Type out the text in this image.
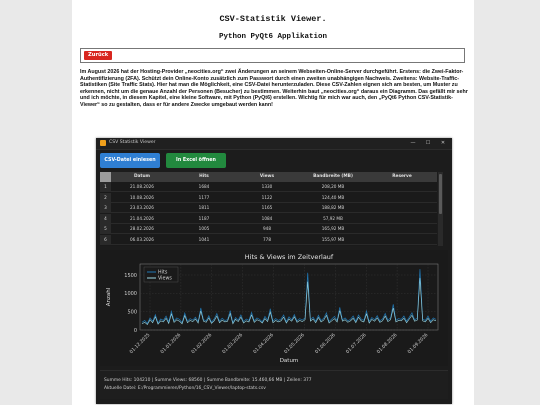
CSV-Statistik Viewer.
Python PyQt6 Applikation
Zurück
Im August 2026 hat der Hosting-Provider „neocities.org“ zwei Änderungen an seinem Webseiten-Online-Server durchgeführt. Erstens: die Zwei-Faktor-Authentifizierung (2FA). Schützt dein Online-Konto zusätzlich zum Passwort durch einen zweiten unabhängigen Nachweis. Zweitens: Website-Traffic-Statistiken (Site Traffic Stats). Hier hat man die Möglichkeit, eine CSV-Datei herunterzuladen. Diese CSV-Zahlen eignen sich am besten, um Muster zu erkennen, nicht um die genaue Anzahl der Personen (Besucher) zu bestimmen. Weiterhin baut „neocities.org“ daraus ein Diagramm. Das gefällt mir sehr und ich möchte, in diesem Kapitel, eine kleine Software, mit Python (PyQt6) erstellen. Wichtig für mich war auch, den „PyQt6 Python CSV-Statistik-Viewer“ so zu gestalten, dass er für andere Zwecke umgebaut werden kann!
CSV Statistik Viewer	—	☐	✕
CSV-Datei einlesen	In Excel öffnen
Datum	Hits	Views	Bandbreite (MB)	Reserve
1	21.08.2026	1684	1330	208,20 MB
2	10.08.2026	1177	1122	124,40 MB
3	23.03.2026	1811	1165	188,82 MB
4	21.04.2026	1187	1084	57,92 MB
5	28.02.2026	1005	948	165,92 MB
6	06.03.2026	1041	778	155,97 MB
Hits & Views im Zeitverlauf
0
500
1000
1500
01.12.2025 01.01.2026 01.02.2026 01.03.2026 01.04.2026 01.05.2026 01.06.2026 01.07.2026 01.08.2026 01.09.2026
Datum
Anzahl
Hits
Views
Summe Hits: 104210 | Summe Views: 68560 | Summe Bandbreite: 15.460,66 MB | Zeilen: 377
Aktuelle Datei: E:/Programmieren/Python/16_CSV_Viewer/laptop-stats.csv
